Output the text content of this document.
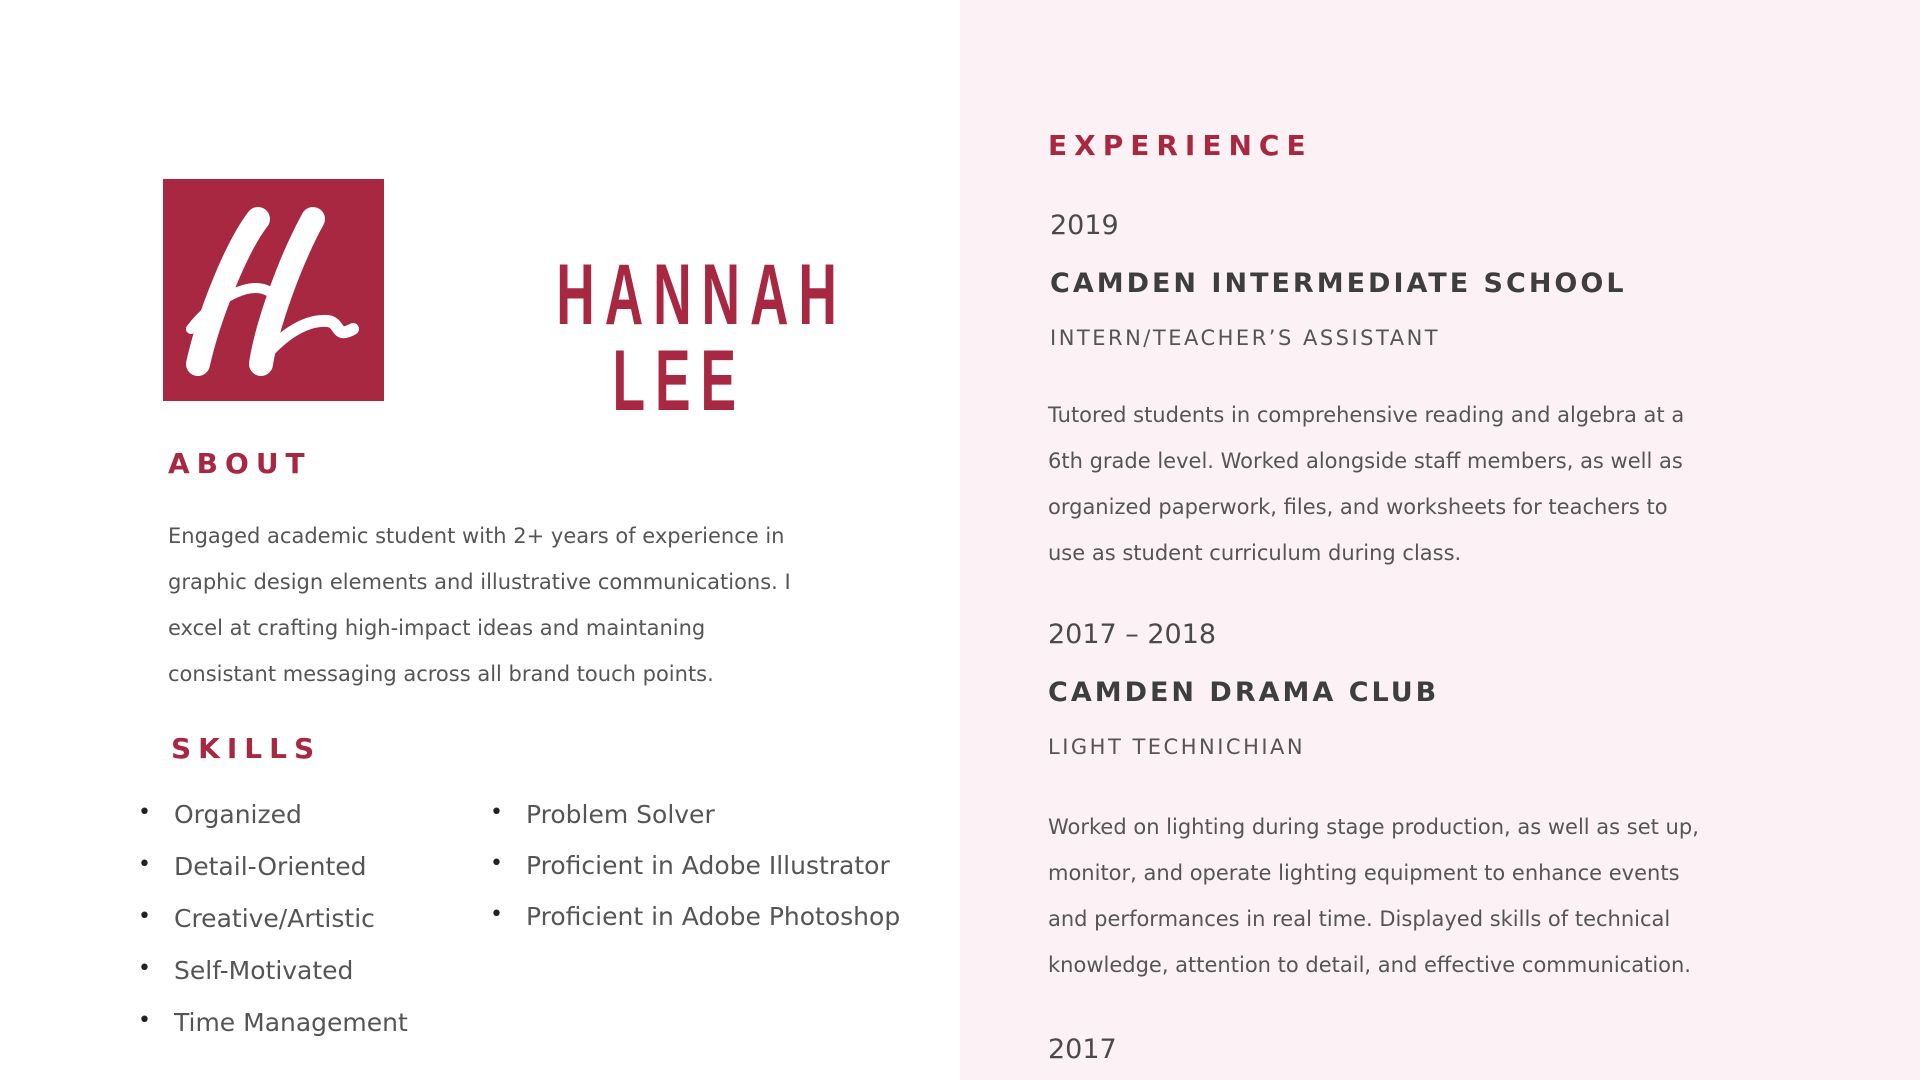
HANNAH
LEE
ABOUT
Engaged academic student with 2+ years of experience in
graphic design elements and illustrative communications. I
excel at crafting high-impact ideas and maintaning
consistant messaging across all brand touch points.
SKILLS
• Organized
• Detail-Oriented
• Creative/Artistic
• Self-Motivated
• Time Management
• Problem Solver
• Proficient in Adobe Illustrator
• Proficient in Adobe Photoshop
EXPERIENCE
2019
CAMDEN INTERMEDIATE SCHOOL
INTERN/TEACHER’S ASSISTANT
Tutored students in comprehensive reading and algebra at a
6th grade level. Worked alongside staff members, as well as
organized paperwork, files, and worksheets for teachers to
use as student curriculum during class.
2017 – 2018
CAMDEN DRAMA CLUB
LIGHT TECHNICHIAN
Worked on lighting during stage production, as well as set up,
monitor, and operate lighting equipment to enhance events
and performances in real time. Displayed skills of technical
knowledge, attention to detail, and effective communication.
2017
